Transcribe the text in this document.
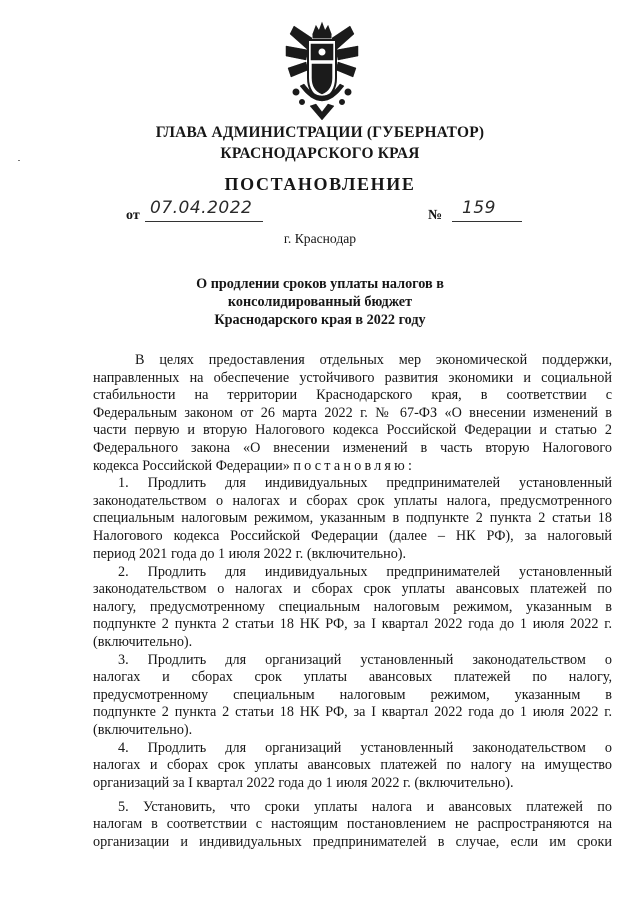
ГЛАВА АДМИНИСТРАЦИИ (ГУБЕРНАТОР)
КРАСНОДАРСКОГО КРАЯ
ПОСТАНОВЛЕНИЕ
от 07.04.2022	№ 159
г. Краснодар
О продлении сроков уплаты налогов в
консолидированный бюджет
Краснодарского края в 2022 году
В целях предоставления отдельных мер экономической поддержки,
направленных на обеспечение устойчивого развития экономики и социальной
стабильности на территории Краснодарского края, в соответствии с
Федеральным законом от 26 марта 2022 г. № 67-ФЗ «О внесении изменений в
части первую и вторую Налогового кодекса Российской Федерации и статью 2
Федерального закона «О внесении изменений в часть вторую Налогового
кодекса Российской Федерации» постановляю:
1. Продлить для индивидуальных предпринимателей установленный
законодательством о налогах и сборах срок уплаты налога, предусмотренного
специальным налоговым режимом, указанным в подпункте 2 пункта 2 статьи 18
Налогового кодекса Российской Федерации (далее – НК РФ), за налоговый
период 2021 года до 1 июля 2022 г. (включительно).
2. Продлить для индивидуальных предпринимателей установленный
законодательством о налогах и сборах срок уплаты авансовых платежей по
налогу, предусмотренному специальным налоговым режимом, указанным в
подпункте 2 пункта 2 статьи 18 НК РФ, за I квартал 2022 года до 1 июля 2022 г.
(включительно).
3. Продлить для организаций установленный законодательством о
налогах и сборах срок уплаты авансовых платежей по налогу,
предусмотренному специальным налоговым режимом, указанным в
подпункте 2 пункта 2 статьи 18 НК РФ, за I квартал 2022 года до 1 июля 2022 г.
(включительно).
4. Продлить для организаций установленный законодательством о
налогах и сборах срок уплаты авансовых платежей по налогу на имущество
организаций за I квартал 2022 года до 1 июля 2022 г. (включительно).
5. Установить, что сроки уплаты налога и авансовых платежей по
налогам в соответствии с настоящим постановлением не распространяются на
организации и индивидуальных предпринимателей в случае, если им сроки
